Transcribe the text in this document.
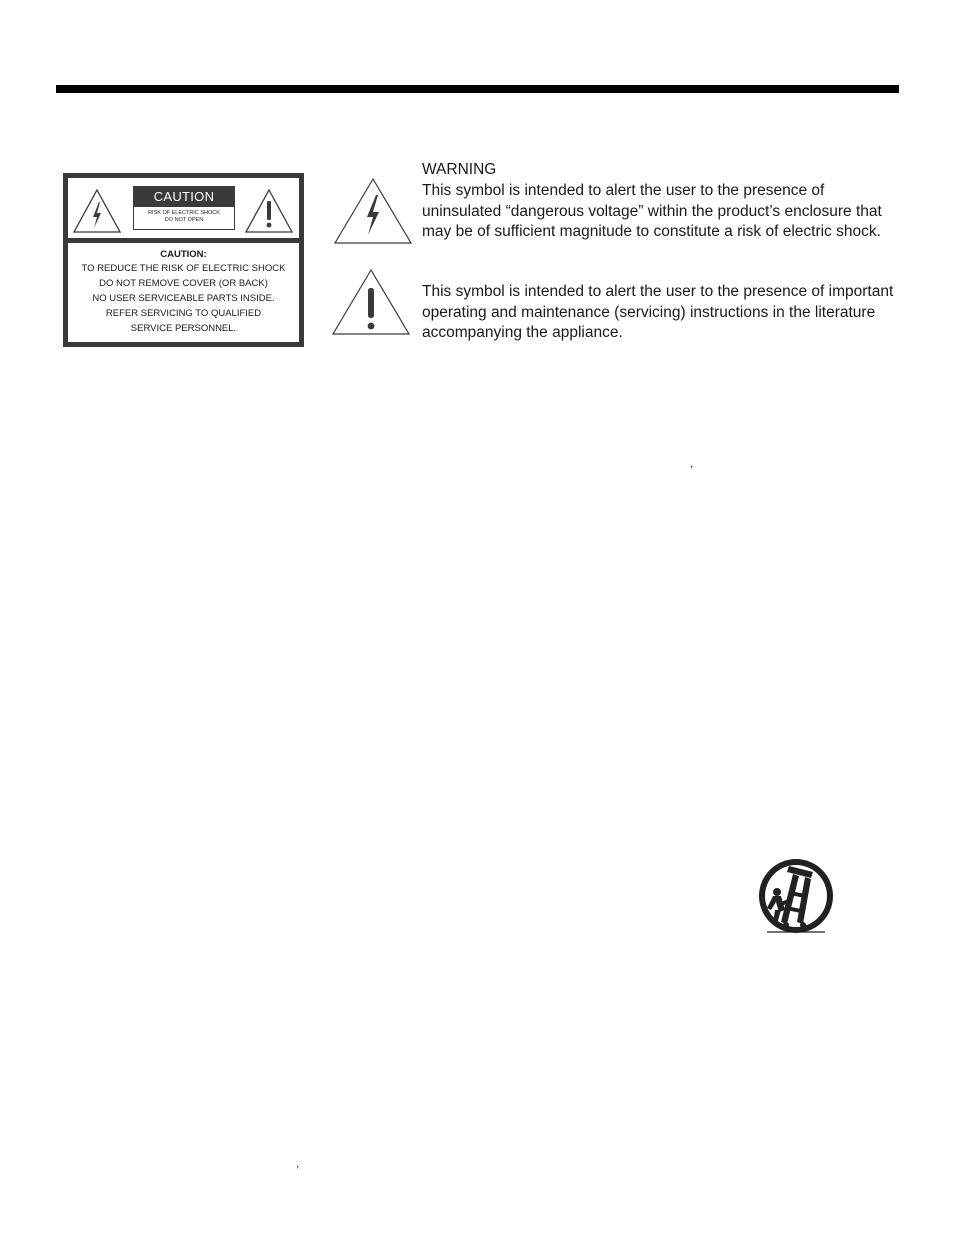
CAUTION
RISK OF ELECTRIC SHOCK
DO NOT OPEN
CAUTION:
TO REDUCE THE RISK OF ELECTRIC SHOCK
DO NOT REMOVE COVER (OR BACK)
NO USER SERVICEABLE PARTS INSIDE.
REFER SERVICING TO QUALIFIED
SERVICE PERSONNEL.

WARNING

This symbol is intended to alert the user to the presence of uninsulated “dangerous voltage” within the product’s enclosure that may be of sufficient magnitude to constitute a risk of electric shock.

This symbol is intended to alert the user to the presence of important operating and maintenance (servicing) instructions in the literature accompanying the appliance.

,
,
